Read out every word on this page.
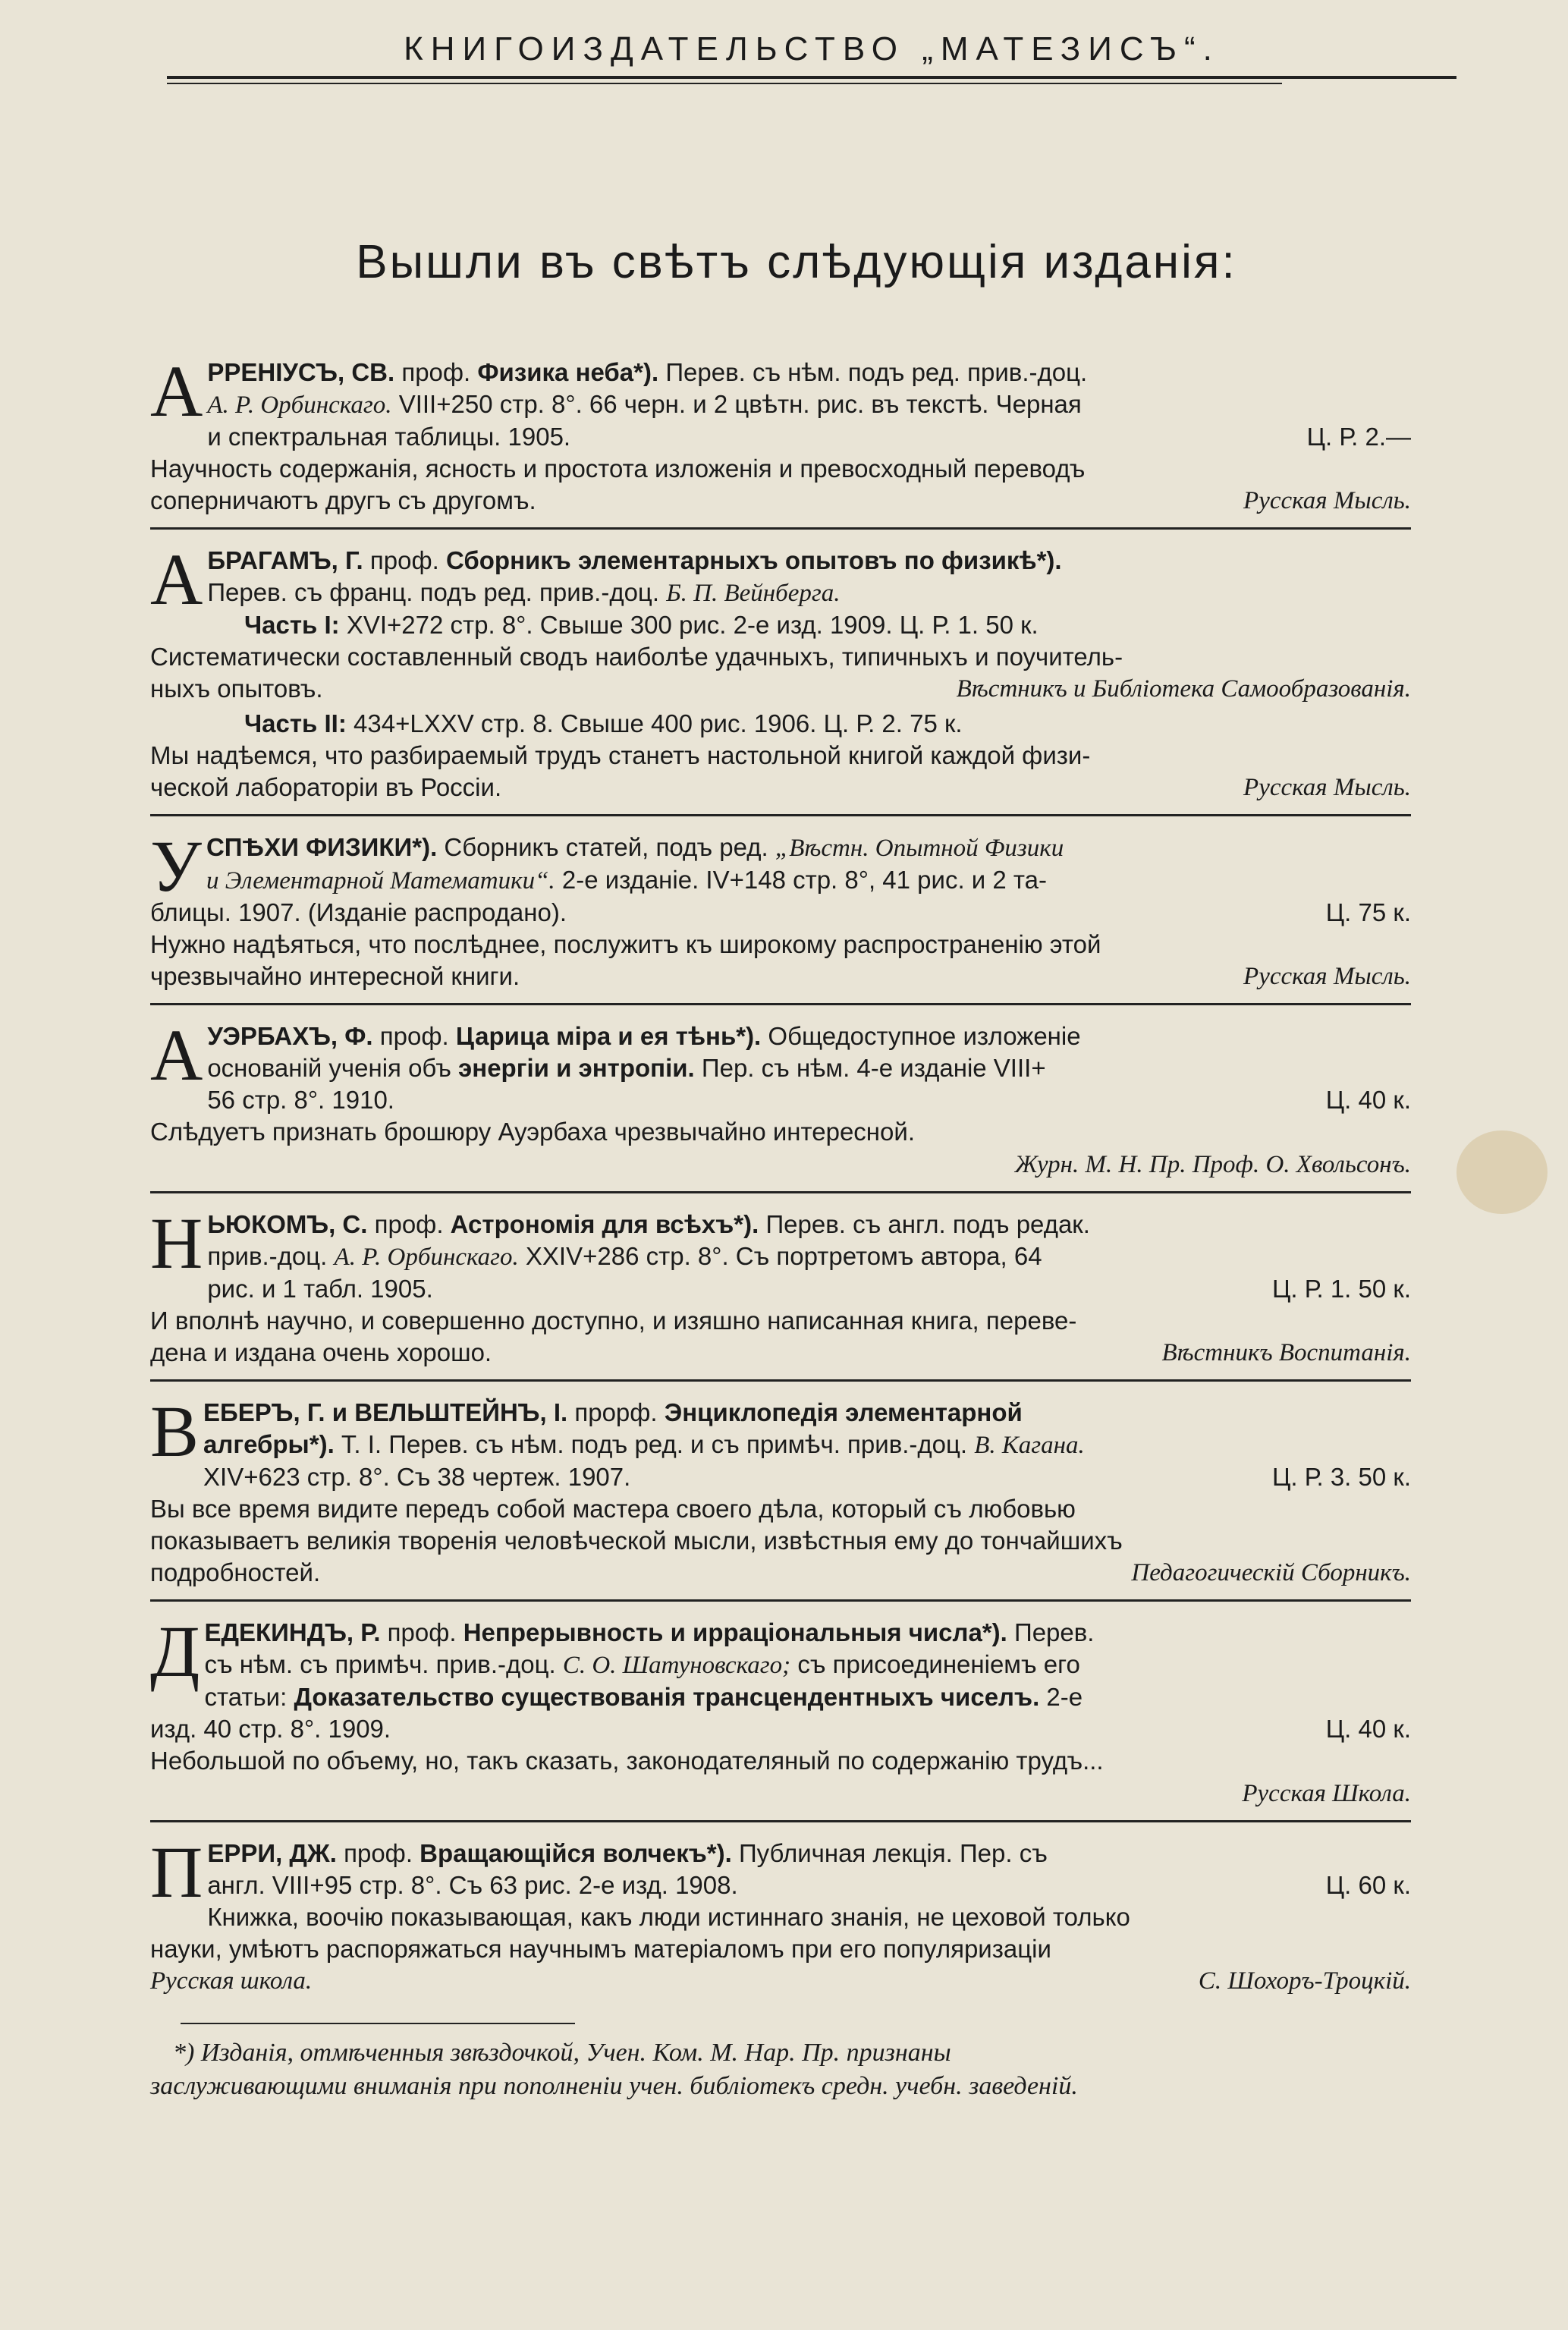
КНИГОИЗДАТЕЛЬСТВО „МАТЕЗИСЪ“.
Вышли въ свѣтъ слѣдующія изданія:
А РРЕНІУСЪ, СВ. проф. Физика неба*). Перев. съ нѣм. подъ ред. прив.-доц.

А. Р. Орбинскаго. VIII+250 стр. 8°. 66 черн. и 2 цвѣтн. рис. въ текстѣ. Черная

и спектральная таблицы. 1905.	Ц. Р. 2.—

Научность содержанія, ясность и простота изложенія и превосходный переводъ

соперничаютъ другъ съ другомъ.	Русская Мысль.

А БРАГАМЪ, Г. проф. Сборникъ элементарныхъ опытовъ по физикѣ*).

Перев. съ франц. подъ ред. прив.-доц. Б. П. Вейнберга.

Часть I: XVI+272 стр. 8°. Свыше 300 рис. 2-е изд. 1909. Ц. Р. 1. 50 к.

Систематически составленный сводъ наиболѣе удачныхъ, типичныхъ и поучитель-

ныхъ опытовъ.	Вѣстникъ и Библіотека Самообразованія.

Часть II: 434+LXXV стр. 8. Свыше 400 рис. 1906. Ц. Р. 2. 75 к.

Мы надѣемся, что разбираемый трудъ станетъ настольной книгой каждой физи-

ческой лабораторіи въ Россіи.	Русская Мысль.

У СПѢХИ ФИЗИКИ*). Сборникъ статей, подъ ред. „Вѣстн. Опытной Физики

и Элементарной Математики“. 2-е изданіе. IV+148 стр. 8°, 41 рис. и 2 та-

блицы. 1907. (Изданіе распродано).	Ц. 75 к.

Нужно надѣяться, что послѣднее, послужитъ къ широкому распространенію этой

чрезвычайно интересной книги.	Русская Мысль.

А УЭРБАХЪ, Ф. проф. Царица міра и ея тѣнь*). Общедоступное изложеніе

основаній ученія объ энергіи и энтропіи. Пер. съ нѣм. 4-е изданіе VIII+

56 стр. 8°. 1910.	Ц. 40 к.

Слѣдуетъ признать брошюру Ауэрбаха чрезвычайно интересной.

Журн. М. Н. Пр. Проф. О. Хвольсонъ.

Н ЬЮКОМЪ, С. проф. Астрономія для всѣхъ*). Перев. съ англ. подъ редак.

прив.-доц. А. Р. Орбинскаго. XXIV+286 стр. 8°. Съ портретомъ автора, 64

рис. и 1 табл. 1905.	Ц. Р. 1. 50 к.

И вполнѣ научно, и совершенно доступно, и изяшно написанная книга, переве-

дена и издана очень хорошо.	Вѣстникъ Воспитанія.

В ЕБЕРЪ, Г. и ВЕЛЬШТЕЙНЪ, I. прорф. Энциклопедія элементарной

алгебры*). Т. I. Перев. съ нѣм. подъ ред. и съ примѣч. прив.-доц. В. Кагана.

XIV+623 стр. 8°. Съ 38 чертеж. 1907.	Ц. Р. 3. 50 к.

Вы все время видите передъ собой мастера своего дѣла, который съ любовью

показываетъ великія творенія человѣческой мысли, извѣстныя ему до тончайшихъ

подробностей.	Педагогическій Сборникъ.

Д ЕДЕКИНДЪ, Р. проф. Непрерывность и ирраціональныя числа*). Перев.

съ нѣм. съ примѣч. прив.-доц. С. О. Шатуновскаго; съ присоединеніемъ его

статьи: Доказательство существованія трансцендентныхъ чиселъ. 2-е

изд. 40 стр. 8°. 1909.	Ц. 40 к.

Небольшой по объему, но, такъ сказать, законодателяный по содержанію трудъ...

Русская Школа.

П ЕРРИ, ДЖ. проф. Вращающійся волчекъ*). Публичная лекція. Пер. съ

англ. VIII+95 стр. 8°. Съ 63 рис. 2-е изд. 1908.	Ц. 60 к.

Книжка, воочію показывающая, какъ люди истиннаго знанія, не цеховой только

науки, умѣютъ распоряжаться научнымъ матеріаломъ при его популяризаціи

Русская школа.	С. Шохоръ-Троцкій.

*) Изданія, отмѣченныя звѣздочкой, Учен. Ком. М. Нар. Пр. признаны

заслуживающими вниманія при пополненіи учен. библіотекъ средн. учебн. заведеній.
